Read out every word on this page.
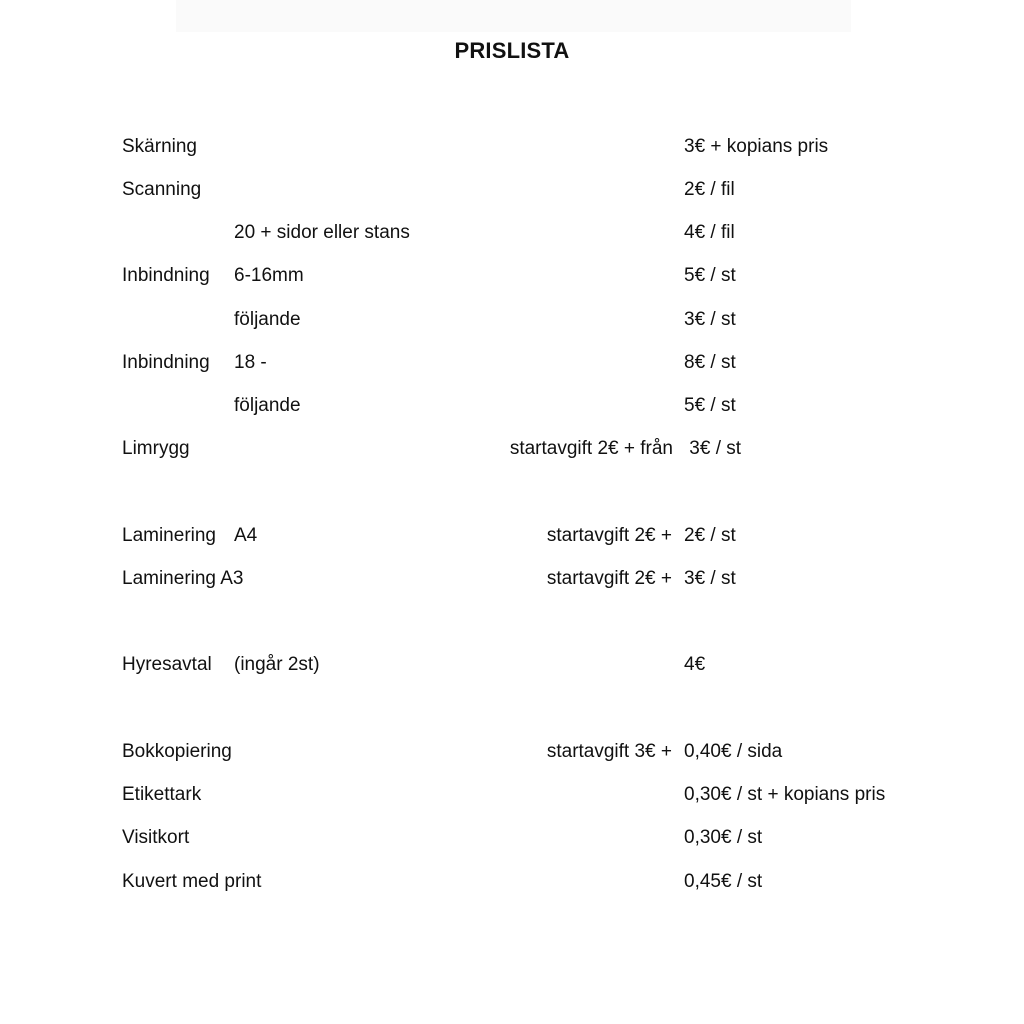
PRISLISTA
Skärning	3€ + kopians pris
Scanning	2€ / fil
20 + sidor eller stans	4€ / fil
Inbindning 6-16mm	5€ / st
följande	3€ / st
Inbindning 18 -	8€ / st
följande	5€ / st
Limrygg	startavgift 2€ + från 3€ / st
Laminering A4	startavgift 2€ + 2€ / st
Laminering A3	startavgift 2€ + 3€ / st
Hyresavtal (ingår 2st)	4€
Bokkopiering	startavgift 3€ + 0,40€ / sida
Etikettark	0,30€ / st + kopians pris
Visitkort	0,30€ / st
Kuvert med print	0,45€ / st
